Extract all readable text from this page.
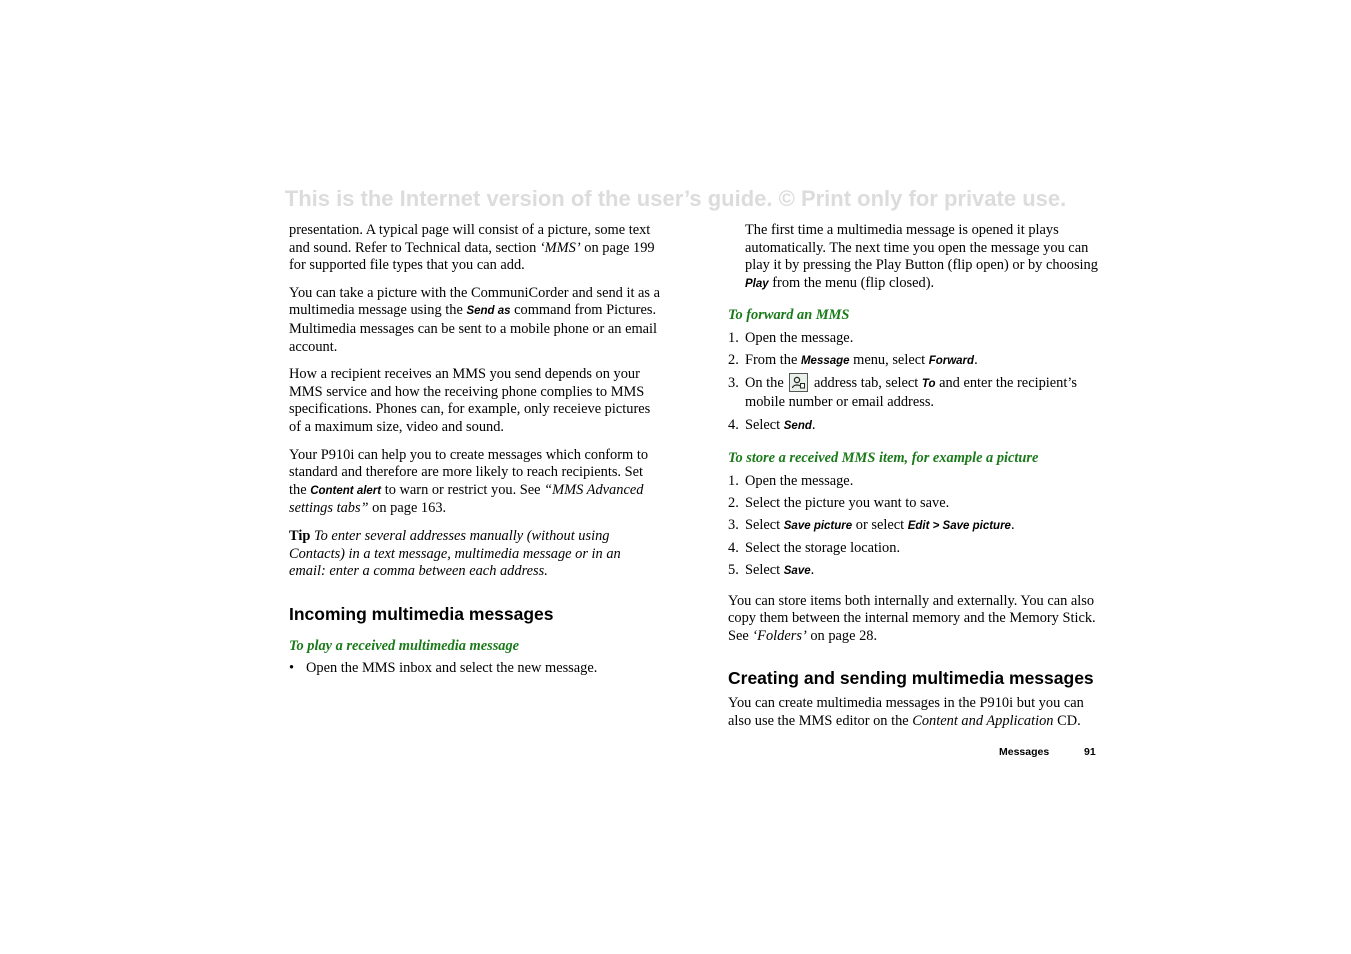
This is the Internet version of the user’s guide. © Print only for private use.

presentation. A typical page will consist of a picture, some text and sound. Refer to Technical data, section ‘MMS’ on page 199 for supported file types that you can add.

You can take a picture with the CommuniCorder and send it as a multimedia message using the Send as command from Pictures. Multimedia messages can be sent to a mobile phone or an email account.

How a recipient receives an MMS you send depends on your MMS service and how the receiving phone complies to MMS specifications. Phones can, for example, only receieve pictures of a maximum size, video and sound.

Your P910i can help you to create messages which conform to standard and therefore are more likely to reach recipients. Set the Content alert to warn or restrict you. See “MMS Advanced settings tabs” on page 163.

Tip To enter several addresses manually (without using Contacts) in a text message, multimedia message or in an email: enter a comma between each address.

Incoming multimedia messages
To play a received multimedia message
• Open the MMS inbox and select the new message.

The first time a multimedia message is opened it plays automatically. The next time you open the message you can play it by pressing the Play Button (flip open) or by choosing Play from the menu (flip closed).

To forward an MMS
1. Open the message.
2. From the Message menu, select Forward.
3. On the
address tab, select To and enter the recipient’s mobile number or email address.
4. Select Send.
To store a received MMS item, for example a picture
1. Open the message.
2. Select the picture you want to save.
3. Select Save picture or select Edit > Save picture.
4. Select the storage location.
5. Select Save.

You can store items both internally and externally. You can also copy them between the internal memory and the Memory Stick. See ‘Folders’ on page 28.

Creating and sending multimedia messages

You can create multimedia messages in the P910i but you can also use the MMS editor on the Content and Application CD.

Messages	91
